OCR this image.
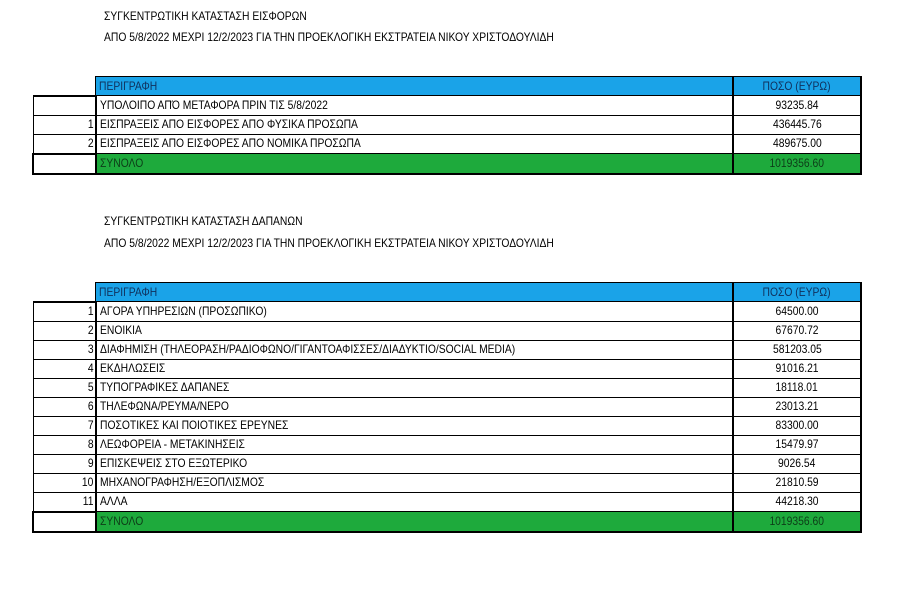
ΣΥΓΚΕΝΤΡΩΤΙΚΗ ΚΑΤΑΣΤΑΣΗ ΕΙΣΦΟΡΩΝ
ΑΠΟ 5/8/2022 ΜΕΧΡΙ 12/2/2023 ΓΙΑ ΤΗΝ ΠΡΟΕΚΛΟΓΙΚΗ ΕΚΣΤΡΑΤΕΙΑ ΝΙΚΟΥ ΧΡΙΣΤΟΔΟΥΛΙΔΗ
	ΠΕΡΙΓΡΑΦΗ	ΠΟΣΟ (ΕΥΡΩ)
	ΥΠΟΛΟΙΠΟ ΑΠΌ ΜΕΤΑΦΟΡΑ ΠΡΙΝ ΤΙΣ 5/8/2022	93235.84
1	ΕΙΣΠΡΑΞΕΙΣ ΑΠΟ ΕΙΣΦΟΡΕΣ ΑΠΟ ΦΥΣΙΚΑ ΠΡΟΣΩΠΑ	436445.76
2	ΕΙΣΠΡΑΞΕΙΣ ΑΠΟ ΕΙΣΦΟΡΕΣ ΑΠΟ ΝΟΜΙΚΑ ΠΡΟΣΩΠΑ	489675.00
	ΣΥΝΟΛΟ	1019356.60
ΣΥΓΚΕΝΤΡΩΤΙΚΗ ΚΑΤΑΣΤΑΣΗ ΔΑΠΑΝΩΝ
ΑΠΟ 5/8/2022 ΜΕΧΡΙ 12/2/2023 ΓΙΑ ΤΗΝ ΠΡΟΕΚΛΟΓΙΚΗ ΕΚΣΤΡΑΤΕΙΑ ΝΙΚΟΥ ΧΡΙΣΤΟΔΟΥΛΙΔΗ
	ΠΕΡΙΓΡΑΦΗ	ΠΟΣΟ (ΕΥΡΩ)
1	ΑΓΟΡΑ ΥΠΗΡΕΣΙΩΝ (ΠΡΟΣΩΠΙΚΟ)	64500.00
2	ΕΝΟΙΚΙΑ	67670.72
3	ΔΙΑΦΗΜΙΣΗ (ΤΗΛΕΟΡΑΣΗ/ΡΑΔΙΟΦΩΝΟ/ΓΙΓΑΝΤΟΑΦΙΣΣΕΣ/ΔΙΑΔΥΚΤΙΟ/SOCIAL MEDIA)	581203.05
4	ΕΚΔΗΛΩΣΕΙΣ	91016.21
5	ΤΥΠΟΓΡΑΦΙΚΕΣ ΔΑΠΑΝΕΣ	18118.01
6	ΤΗΛΕΦΩΝΑ/ΡΕΥΜΑ/ΝΕΡΟ	23013.21
7	ΠΟΣΟΤΙΚΕΣ ΚΑΙ ΠΟΙΟΤΙΚΕΣ ΕΡΕΥΝΕΣ	83300.00
8	ΛΕΩΦΟΡΕΙΑ - ΜΕΤΑΚΙΝΗΣΕΙΣ	15479.97
9	ΕΠΙΣΚΕΨΕΙΣ ΣΤΟ ΕΞΩΤΕΡΙΚΟ	9026.54
10	ΜΗΧΑΝΟΓΡΑΦΗΣΗ/ΕΞΟΠΛΙΣΜΟΣ	21810.59
11	ΑΛΛΑ	44218.30
	ΣΥΝΟΛΟ	1019356.60
